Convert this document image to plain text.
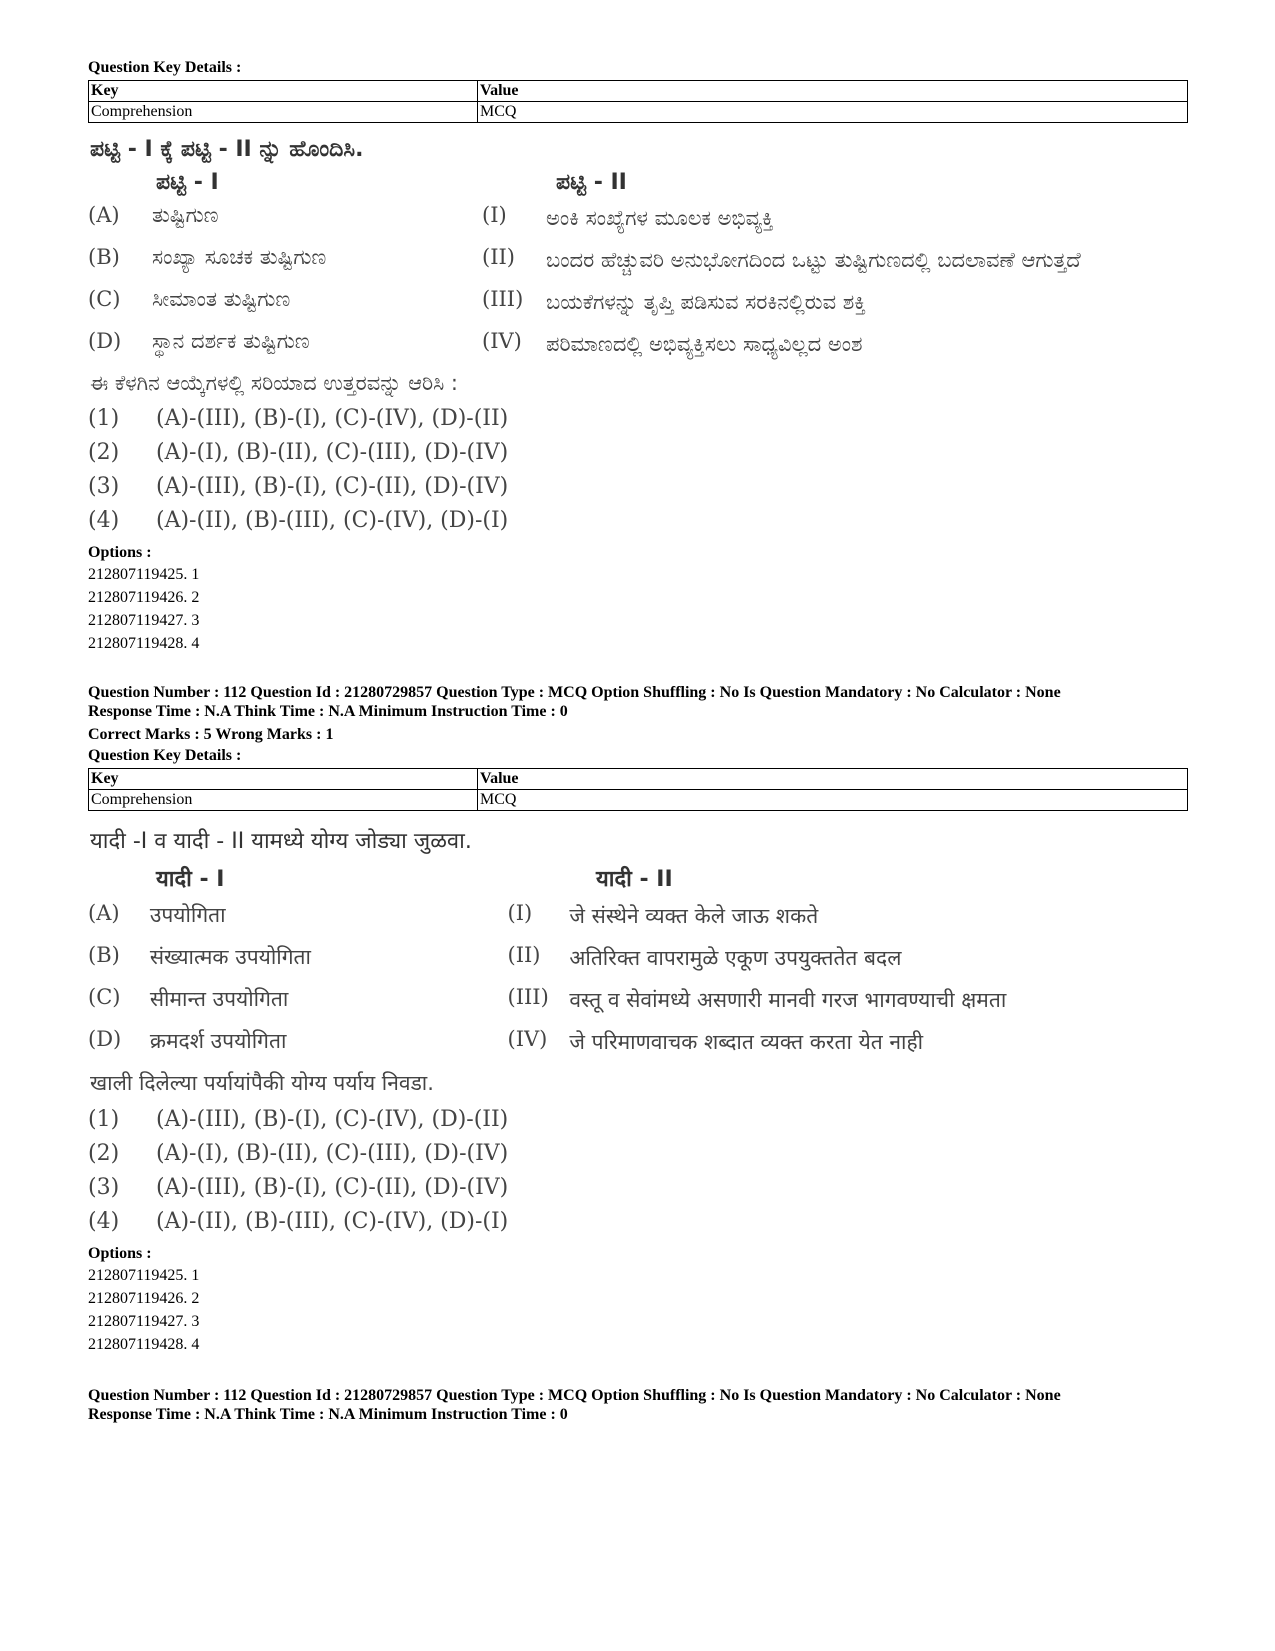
Question Key Details :
Key	Value
Comprehension	MCQ
ಪಟ್ಟಿ - I ಕ್ಕೆ ಪಟ್ಟಿ - II ನ್ನು ಹೊಂದಿಸಿ.
ಪಟ್ಟಿ - I	ಪಟ್ಟಿ - II
(A)	ತುಷ್ಟಿಗುಣ	(I)	ಅಂಕಿ ಸಂಖ್ಯೆಗಳ ಮೂಲಕ ಅಭಿವ್ಯಕ್ತಿ
(B)	ಸಂಖ್ಯಾ ಸೂಚಕ ತುಷ್ಟಿಗುಣ	(II)	ಬಂದರ ಹೆಚ್ಚುವರಿ ಅನುಭೋಗದಿಂದ ಒಟ್ಟು ತುಷ್ಟಿಗುಣದಲ್ಲಿ ಬದಲಾವಣೆ ಆಗುತ್ತದೆ
(C)	ಸೀಮಾಂತ ತುಷ್ಟಿಗುಣ	(III)	ಬಯಕೆಗಳನ್ನು ತೃಪ್ತಿ ಪಡಿಸುವ ಸರಕಿನಲ್ಲಿರುವ ಶಕ್ತಿ
(D)	ಸ್ಥಾನ ದರ್ಶಕ ತುಷ್ಟಿಗುಣ	(IV)	ಪರಿಮಾಣದಲ್ಲಿ ಅಭಿವ್ಯಕ್ತಿಸಲು ಸಾಧ್ಯವಿಲ್ಲದ ಅಂಶ
ಈ ಕೆಳಗಿನ ಆಯ್ಕೆಗಳಲ್ಲಿ ಸರಿಯಾದ ಉತ್ತರವನ್ನು ಆರಿಸಿ :
(1)	(A)-(III), (B)-(I), (C)-(IV), (D)-(II)
(2)	(A)-(I), (B)-(II), (C)-(III), (D)-(IV)
(3)	(A)-(III), (B)-(I), (C)-(II), (D)-(IV)
(4)	(A)-(II), (B)-(III), (C)-(IV), (D)-(I)
Options :
212807119425. 1
212807119426. 2
212807119427. 3
212807119428. 4
Question Number : 112 Question Id : 21280729857 Question Type : MCQ Option Shuffling : No Is Question Mandatory : No Calculator : None
Response Time : N.A Think Time : N.A Minimum Instruction Time : 0
Correct Marks : 5 Wrong Marks : 1
Question Key Details :
Key	Value
Comprehension	MCQ
यादी -I व यादी - II यामध्ये योग्य जोड्या जुळवा.
यादी - I	यादी - II
(A)	उपयोगिता	(I)	जे संस्थेने व्यक्त केले जाऊ शकते
(B)	संख्यात्मक उपयोगिता	(II)	अतिरिक्त वापरामुळे एकूण उपयुक्ततेत बदल
(C)	सीमान्त उपयोगिता	(III) वस्तू व सेवांमध्ये असणारी मानवी गरज भागवण्याची क्षमता
(D)	क्रमदर्श उपयोगिता	(IV)	जे परिमाणवाचक शब्दात व्यक्त करता येत नाही
खाली दिलेल्या पर्यायांपैकी योग्य पर्याय निवडा.
(1)	(A)-(III), (B)-(I), (C)-(IV), (D)-(II)
(2)	(A)-(I), (B)-(II), (C)-(III), (D)-(IV)
(3)	(A)-(III), (B)-(I), (C)-(II), (D)-(IV)
(4)	(A)-(II), (B)-(III), (C)-(IV), (D)-(I)
Options :
212807119425. 1
212807119426. 2
212807119427. 3
212807119428. 4
Question Number : 112 Question Id : 21280729857 Question Type : MCQ Option Shuffling : No Is Question Mandatory : No Calculator : None
Response Time : N.A Think Time : N.A Minimum Instruction Time : 0
